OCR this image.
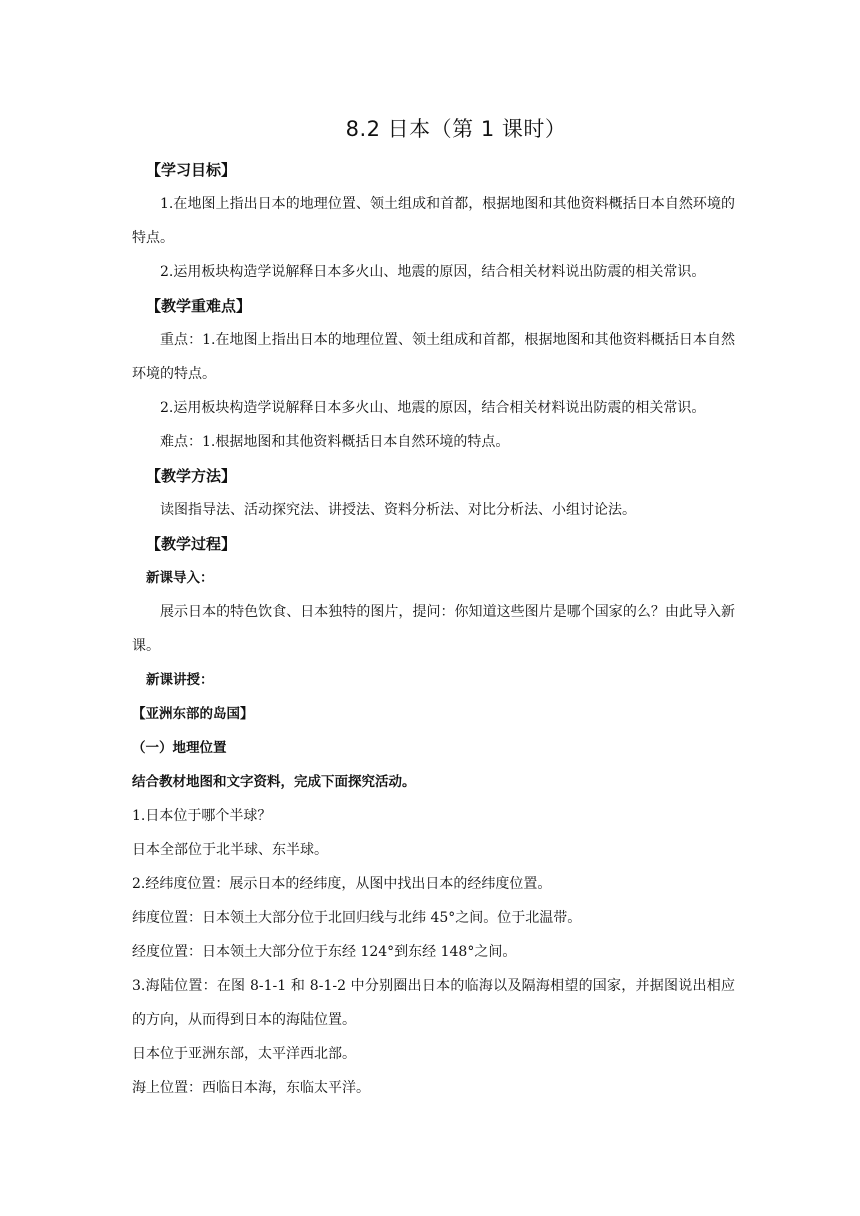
8.2 日本（第 1 课时）
【学习目标】

1.在地图上指出日本的地理位置、领土组成和首都，根据地图和其他资料概括日本自然环境的特点。

2.运用板块构造学说解释日本多火山、地震的原因，结合相关材料说出防震的相关常识。

【教学重难点】

重点：1.在地图上指出日本的地理位置、领土组成和首都，根据地图和其他资料概括日本自然环境的特点。

2.运用板块构造学说解释日本多火山、地震的原因，结合相关材料说出防震的相关常识。

难点：1.根据地图和其他资料概括日本自然环境的特点。

【教学方法】

读图指导法、活动探究法、讲授法、资料分析法、对比分析法、小组讨论法。

【教学过程】
新课导入：

展示日本的特色饮食、日本独特的图片，提问：你知道这些图片是哪个国家的么？由此导入新课。

新课讲授：
【亚洲东部的岛国】
（一）地理位置
结合教材地图和文字资料，完成下面探究活动。

1.日本位于哪个半球？

日本全部位于北半球、东半球。

2.经纬度位置：展示日本的经纬度，从图中找出日本的经纬度位置。

纬度位置：日本领土大部分位于北回归线与北纬 45°之间。位于北温带。

经度位置：日本领土大部分位于东经 124°到东经 148°之间。

3.海陆位置：在图 8-1-1 和 8-1-2 中分别圈出日本的临海以及隔海相望的国家，并据图说出相应的方向，从而得到日本的海陆位置。

日本位于亚洲东部，太平洋西北部。

海上位置：西临日本海，东临太平洋。
